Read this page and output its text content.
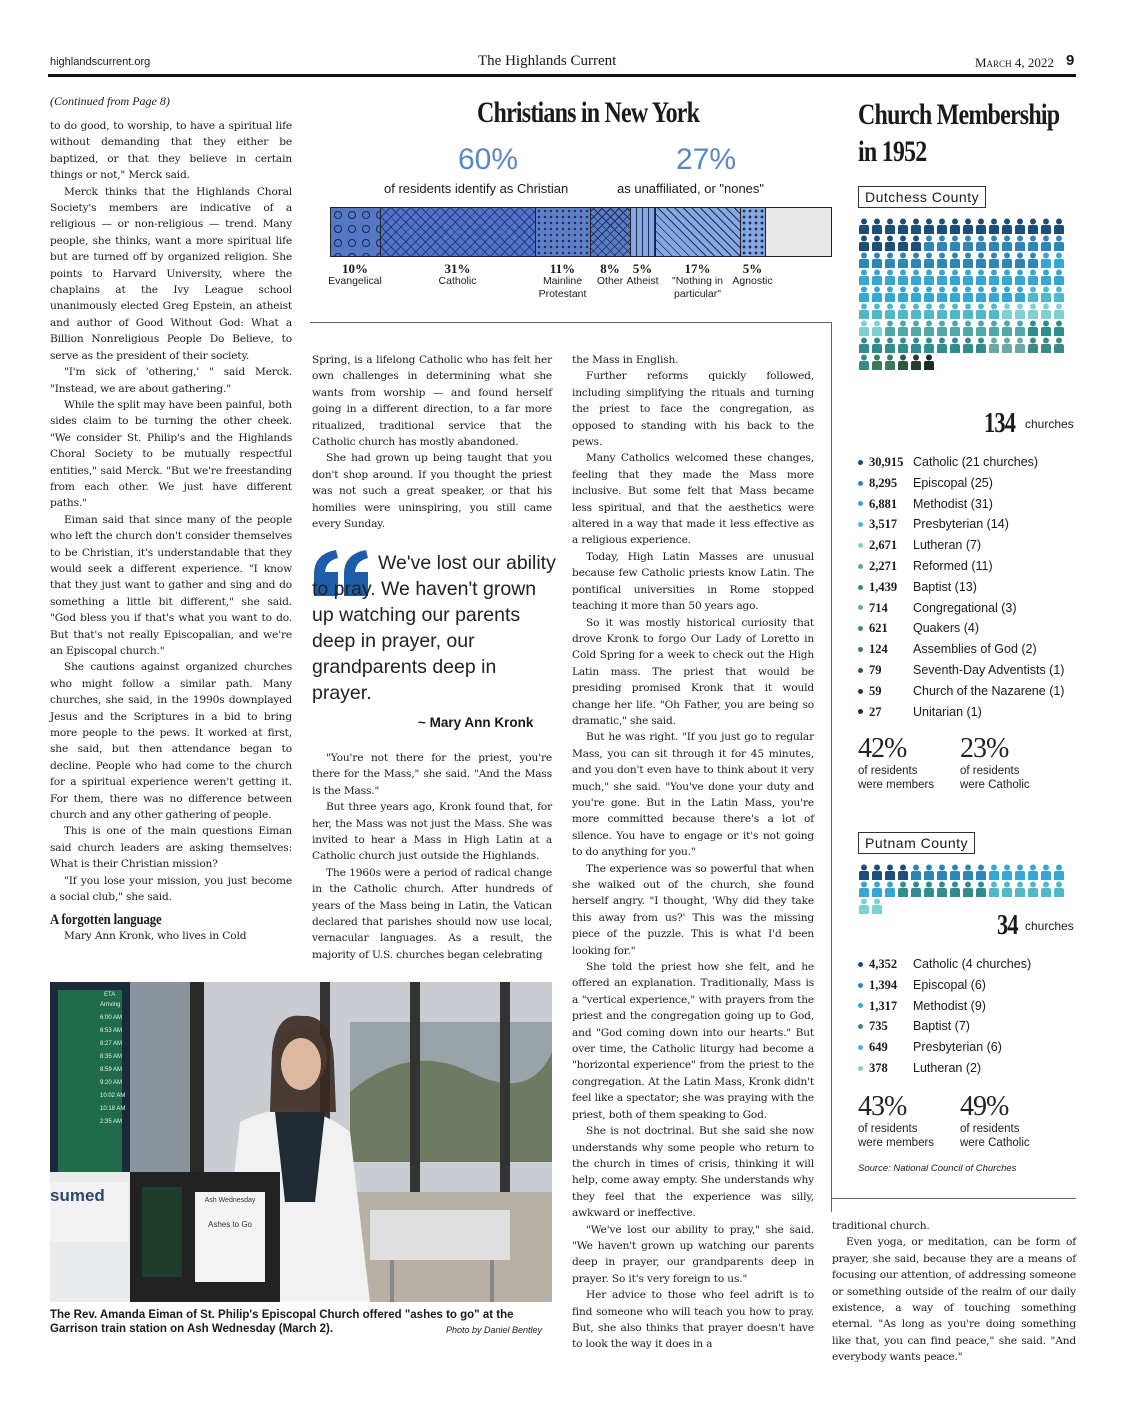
highlandscurrent.org	The Highlands Current	March 4, 2022 9
(Continued from Page 8)

to do good, to worship, to have a spiritual life without demanding that they either be baptized, or that they believe in certain things or not," Merck said.

Merck thinks that the Highlands Choral Society's members are indicative of a religious — or non-religious — trend. Many people, she thinks, want a more spiritual life but are turned off by organized religion. She points to Harvard University, where the chaplains at the Ivy League school unanimously elected Greg Epstein, an atheist and author of Good Without God: What a Billion Nonreligious People Do Believe, to serve as the president of their society.

"I'm sick of 'othering,' " said Merck. "Instead, we are about gathering."

While the split may have been painful, both sides claim to be turning the other cheek. "We consider St. Philip's and the Highlands Choral Society to be mutually respectful entities," said Merck. "But we're freestanding from each other. We just have different paths."

Eiman said that since many of the people who left the church don't consider themselves to be Christian, it's understandable that they would seek a different experience. "I know that they just want to gather and sing and do something a little bit different," she said. "God bless you if that's what you want to do. But that's not really Episcopalian, and we're an Episcopal church."

She cautions against organized churches who might follow a similar path. Many churches, she said, in the 1990s downplayed Jesus and the Scriptures in a bid to bring more people to the pews. It worked at first, she said, but then attendance began to decline. People who had come to the church for a spiritual experience weren't getting it. For them, there was no difference between church and any other gathering of people.

This is one of the main questions Eiman said church leaders are asking themselves: What is their Christian mission?

"If you lose your mission, you just become a social club," she said.

A forgotten language

Mary Ann Kronk, who lives in Cold

Christians in New York
60%
of residents identify as Christian
27%
as unaffiliated, or "nones"
10%
Evangelical
31%
Catholic
11%
Mainline Protestant
8%
Other
5%
Atheist
17%
"Nothing in particular"
5%
Agnostic

Spring, is a lifelong Catholic who has felt her own challenges in determining what she wants from worship — and found herself going in a different direction, to a far more ritualized, traditional service that the Catholic church has mostly abandoned.

She had grown up being taught that you don't shop around. If you thought the priest was not such a great speaker, or that his homilies were uninspiring, you still came every Sunday.

We've lost our ability to pray. We haven't grown up watching our parents deep in prayer, our grandparents deep in prayer.
~ Mary Ann Kronk

"You're not there for the priest, you're there for the Mass," she said. "And the Mass is the Mass."

But three years ago, Kronk found that, for her, the Mass was not just the Mass. She was invited to hear a Mass in High Latin at a Catholic church just outside the Highlands.

The 1960s were a period of radical change in the Catholic church. After hundreds of years of the Mass being in Latin, the Vatican declared that parishes should now use local, vernacular languages. As a result, the majority of U.S. churches began celebrating

the Mass in English.

Further reforms quickly followed, including simplifying the rituals and turning the priest to face the congregation, as opposed to standing with his back to the pews.

Many Catholics welcomed these changes, feeling that they made the Mass more inclusive. But some felt that Mass became less spiritual, and that the aesthetics were altered in a way that made it less effective as a religious experience.

Today, High Latin Masses are unusual because few Catholic priests know Latin. The pontifical universities in Rome stopped teaching it more than 50 years ago.

So it was mostly historical curiosity that drove Kronk to forgo Our Lady of Loretto in Cold Spring for a week to check out the High Latin mass. The priest that would be presiding promised Kronk that it would change her life. "Oh Father, you are being so dramatic," she said.

But he was right. "If you just go to regular Mass, you can sit through it for 45 minutes, and you don't even have to think about it very much," she said. "You've done your duty and you're gone. But in the Latin Mass, you're more committed because there's a lot of silence. You have to engage or it's not going to do anything for you."

The experience was so powerful that when she walked out of the church, she found herself angry. "I thought, 'Why did they take this away from us?' This was the missing piece of the puzzle. This is what I'd been looking for."

She told the priest how she felt, and he offered an explanation. Traditionally, Mass is a "vertical experience," with prayers from the priest and the congregation going up to God, and "God coming down into our hearts." But over time, the Catholic liturgy had become a "horizontal experience" from the priest to the congregation. At the Latin Mass, Kronk didn't feel like a spectator; she was praying with the priest, both of them speaking to God.

She is not doctrinal. But she said she now understands why some people who return to the church in times of crisis, thinking it will help, come away empty. She understands why they feel that the experience was silly, awkward or ineffective.

"We've lost our ability to pray," she said. "We haven't grown up watching our parents deep in prayer, our grandparents deep in prayer. So it's very foreign to us."

Her advice to those who feel adrift is to find someone who will teach you how to pray. But, she also thinks that prayer doesn't have to look the way it does in a

Ash Wednesday
Ashes to Go
sumed
ETA
Arriving
6:00 AM
6:53 AM
8:27 AM
8:35 AM
8:59 AM
9:20 AM
10:02 AM
10:18 AM
2:35 AM
The Rev. Amanda Eiman of St. Philip's Episcopal Church offered "ashes to go" at the Garrison train station on Ash Wednesday (March 2).	Photo by Daniel Bentley

traditional church.

Even yoga, or meditation, can be form of prayer, she said, because they are a means of focusing our attention, of addressing someone or something outside of the realm of our daily existence, a way of touching something eternal. "As long as you're doing something like that, you can find peace," she said. "And everybody wants peace."

Church Membership
in 1952
Dutchess County
134 churches
30,915 Catholic (21 churches)
8,295	Episcopal (25)
6,881	Methodist (31)
3,517	Presbyterian (14)
2,671	Lutheran (7)
2,271	Reformed (11)
1,439	Baptist (13)
714	Congregational (3)
621	Quakers (4)
124	Assemblies of God (2)
79	Seventh-Day Adventists (1)
59	Church of the Nazarene (1)
27	Unitarian (1)
42%
of residents
were members
23%
of residents
were Catholic
Putnam County
34 churches
4,352	Catholic (4 churches)
1,394	Episcopal (6)
1,317	Methodist (9)
735	Baptist (7)
649	Presbyterian (6)
378	Lutheran (2)
43%
of residents
were members
49%
of residents
were Catholic
Source: National Council of Churches
